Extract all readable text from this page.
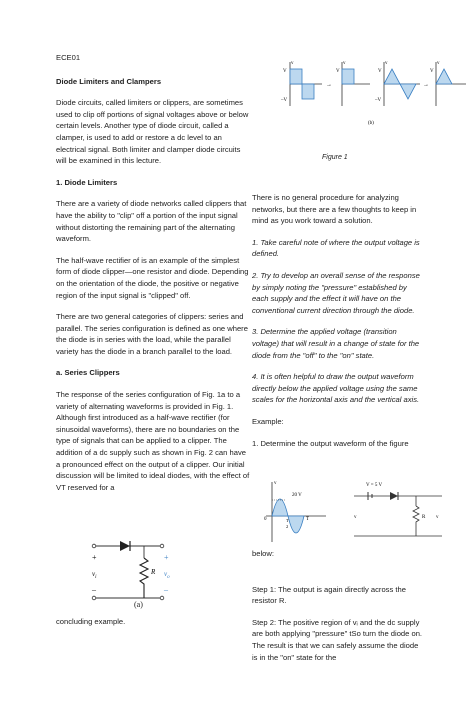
ECE01

Diode Limiters and Clampers

Diode circuits, called limiters or clippers, are sometimes used to clip off portions of signal voltages above or below certain levels. Another type of diode circuit, called a clamper, is used to add or restore a dc level to an electrical signal. Both limiter and clamper diode circuits will be examined in this lecture.

1. Diode Limiters

There are a variety of diode networks called clippers that have the ability to "clip" off a portion of the input signal without distorting the remaining part of the alternating waveform.

The half-wave rectifier of is an example of the simplest form of diode clipper—one resistor and diode. Depending on the orientation of the diode, the positive or negative region of the input signal is "clipped" off.

There are two general categories of clippers: series and parallel. The series configuration is defined as one where the diode is in series with the load, while the parallel variety has the diode in a branch parallel to the load.

a. Series Clippers

The response of the series configuration of Fig. 1a to a variety of alternating waveforms is provided in Fig. 1. Although first introduced as a half-wave rectifier (for sinusoidal waveforms), there are no boundaries on the type of signals that can be applied to a clipper. The addition of a dc supply such as shown in Fig. 2 can have a pronounced effect on the output of a clipper. Our initial discussion will be limited to ideal diodes, with the effect of VT reserved for a

concluding example.

V
–V
v
→
V
v
V
–V
v
→
V
v
(b)
Figure 1

There is no general procedure for analyzing networks, but there are a few thoughts to keep in mind as you work toward a solution.

1. Take careful note of where the output voltage is defined.

2. Try to develop an overall sense of the response by simply noting the "pressure" established by each supply and the effect it will have on the conventional current direction through the diode.

3. Determine the applied voltage (transition voltage) that will result in a change of state for the diode from the "off" to the "on" state.

4. It is often helpful to draw the output waveform directly below the applied voltage using the same scales for the horizontal axis and the vertical axis.

Example:

1. Determine the output waveform of the figure

20 V
0	T
T
2
v
R
V = 5 V
v	v

below:

Step 1: The output is again directly across the resistor R.

Step 2: The positive region of vᵢ and the dc supply are both applying "pressure" tSo turn the diode on. The result is that we can safely assume the diode is in the "on" state for the

R
+
–
$v_i$
+
–
$v_o$
(a)
